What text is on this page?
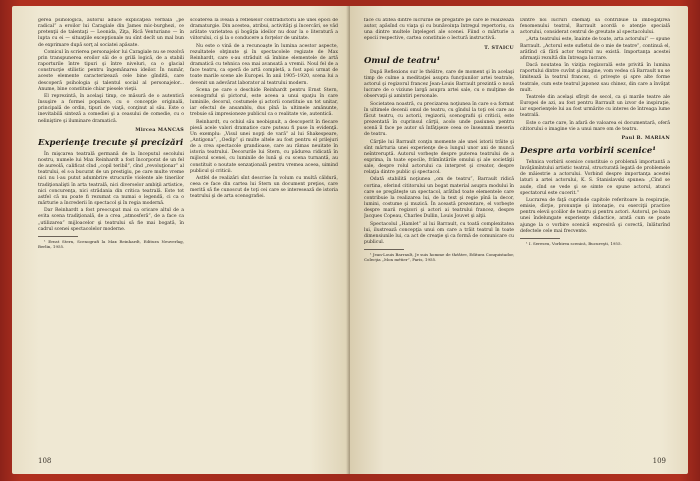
gerea psihologică, autorul aduce explicaţiea verbală „pe radical” a eroilor lui Caragiale din James mic-burghezi, ce pretenţii de talentaţi — Leonida, Ziţa, Rică Venturiano — în lupta cu ei — situaţiile excepţionale nu sînt decît un mal bun de exprimare după sorţ al sociatei apăsate.

Comicul în scrierea personajelor lui Caragiale nu se rezolvă prin transpunerea eroilor săi de o grilă logică, de a stabili raporturile între tipuri şi între niveluri, ca o glacial construcţie stilistic pentru îngemănarea ideilor. În număr, aceste elemente caracterizează cele bine gîndită, care descoperă psihologia şi talentul social al personajelor... Anume, bine constituie chiar piesele vieţii.

El reprezintă, în acelaşi timp, ce măsură de o autentică însuşire a formei populare, cu o concepţie originală, principală de ordin, tipuri de viaţă, conţinut al său. Este o inevitabilă sinteză a comediei şi a ceasului de comedie, cu o neliniştire şi iluminare dramatică.

Mircea MANCAS
Experienţe trecute şi precizări

În mişcarea teatrală germană de la începutul secolului nostru, numele lui Max Reinhardt a fost încorporat de un fel de aureolă, calificat cînd „copil teribil”, cînd „revoluţionar” al teatrului, el s-a bucurat de un prestigiu, pe care multe vreme nici nu l-au putut adumbrire strucurile violente ale tinerilor tradiţionalişti în arta teatrală, nici diverselor ambiţii artistice, nici concurenţa, nici strădania din critica teatrală. Este tot astfel că nu poate fi rezumat ca numai o legendă, ci ca o mărturie a încrederii în spectacol şi în regia modernă.

Dar Reinhardt a fost preocupat mai ca oricare altul de a evita scena tradiţională, de a crea „atmosferă”, de a face ca „utilizarea” mijloacelor şi teatrului să fie mai bogată, în cadrul scenei spectacolelor moderne.

¹ Ernst Stern, Scenografi la Max Reinhardt, Editura Neuverlag, Berlin, 1955.

scoaterea la iveală a reflexelor contradictorii ale unei epoci de dramaturgie. Din acestea, atribui, activităţi şi încercări, se văd arătate varietatea şi bogăţia ideilor nu doar la o literatură a viitorului, ci şi la o conducere a forţelor de unitate.

Nu este o vină de a recunoaşte în lumina acestor aspecte, rezultatele obţinute şi în spectacolele regizate de Max Reinhardt, care s-au străduit să îmbine elementele de artă dramatică cu tehnica cea mai avansată a vremii. Noul fel de a face teatru, ca operă de artă completă, a fost apoi urmat de toate marile scene ale Europei. În anii 1905–1920, scena lui a devenit un adevărat laborator al teatrului modern.

Scena pe care o deschide Reinhardt pentru Ernst Stern, scenograful și pictorul, este aceea a unui spaţiu în care luminile, decorul, costumele şi actorii constituie un tot unitar, iar efectul de ansamblu, dus pînă la ultimele amănunte, trebuie să impresioneze publicul ca o realitate vie, autentică.

Reinhardt, cu ochiul său neobişnuit, a descoperit în fiecare piesă acele valori dramatice care puteau fi puse în evidenţă. Un exemplu: „Visul unei nopţi de vară” al lui Shakespeare, „Antigona”, „Oedip” şi multe altele au fost pentru el prilejuri de a crea spectacole grandioase, care au rămas neuitate în istoria teatrului. Decorurile lui Stern, cu pădurea ridicată în mijlocul scenei, cu luminile de lună şi cu scena turnantă, au constituit o noutate senzaţională pentru vremea aceea, uimind publicul şi criticii.

Astfel de realizări sînt descrise în volum cu multă căldură, ceea ce face din cartea lui Stern un document preţios, care merită să fie cunoscut de toţi cei care se interesează de istoria teatrului şi de arta scenografiei.

108

face cu atîtea dintre lucrurile de pregătire pe care le realizează autor, apăsînd cu viaţa şi cu bunăvoinţa întregul repertoriu, ca una dintre multele înţelegeri ale scenei. Fiind o mărturie a epocii respective, cartea constituie o lectură instructivă.

T. STAICU
Omul de teatru¹

După Reflexions sur le théâtre, care de moment şi în acelaşi timp de culme a meditaţiei asupra funcţiunilor artei teatrale, actorul şi regizorul francez Jean-Louis Barrault prezintă o nouă lucrare de o viziune largă asupra artei sale, cu o mulţime de observaţii şi amintiri personale.

Societatea noastră, cu precizarea noţiunea în care s-a format în ultimele decenii omul de teatru, cu gîndul la toţi cei care au făcut teatru, cu actorii, regizorii, scenografii şi criticii, este prezentată în cuprinsul cărţii, acolo unde pasiunea pentru scenă îl face pe autor să înfăţişeze ceea ce înseamnă meseria de teatru.

Cărţile lui Barrault conţin momente ale unei istorii trăite şi sînt mărturia unei experienţe de-a lungul unor ani de muncă neîntreruptă. Autorul vorbeşte despre puterea teatrului de a exprima, în toate epocile, frămîntările omului şi ale societăţii sale, despre rolul actorului ca interpret şi creator, despre relaţia dintre public şi spectacol.

Odată stabilită noţiunea „om de teatru”, Barrault ridică cortina, oferind cititorului un bogat material asupra modului în care se pregăteşte un spectacol, arătînd toate elementele care contribuie la realizarea lui, de la text şi regie pînă la decor, lumini, costume şi muzică. În această prezentare, el vorbeşte despre marii regizori şi actori ai teatrului francez, despre Jacques Copeau, Charles Dullin, Louis Jouvet şi alţii.

Spectacolul „Hamlet” al lui Barrault, cu toată complexitatea lui, ilustrează concepţia unui om care a trăit teatrul în toate dimensiunile lui, ca act de creaţie şi ca formă de comunicare cu publicul.

¹ Jean-Louis Barrault, Je suis homme de théâtre, Editura Conquistador, Colecţia „Mon métier”, Paris, 1955.

Dintre noi lucruri chemaţi să contribuie la îmbogăţirea fenomenului teatral, Barrault acordă o atenţie specială actorului, considerat centrul de greutate al spectacolului.

„Arta teatrului este, înainte de toate, arta actorului” — spune Barrault. „Actorul este sufletul de o mie de teatre”, continuă el, arătînd că fără actor teatrul nu există. Importanţa acestei afirmaţii rezultă din întreaga lucrare.

Dacă noutatea în viziţia regizorală este privită în lumina raportului dintre cuvînt şi imagine, vom vedea că Barrault nu se limitează la teatrul francez, ci priveşte şi spre alte forme teatrale, cum este teatrul japonez sau chinez, din care a învăţat mult.

Teatrele din acelaşi sfîrşit de secol, ca şi marile teatre ale Europei de azi, au fost pentru Barrault un izvor de inspiraţie, iar experienţele lui au fost urmărite cu interes de întreaga lume teatrală.

Este o carte care, în afară de valoarea ei documentară, oferă cititorului o imagine vie a unui mare om de teatru.

Paul B. MARIAN
Despre arta vorbirii scenice¹

Tehnica vorbirii scenice constituie o problemă importantă a învăţămîntului artistic teatral, structurată legată de problemele de măiestrie a actorului. Vorbind despre importanţa acestei laturi a artei actorului, K. S. Stanislavski spunea: „Cînd se aude, cînd se vede şi se simte ce spune actorul, atunci spectatorul este cucerit.”

Lucrarea de faţă cuprinde capitole referitoare la respiraţie, emisie, dicţie, pronunţie şi intonaţie, cu exerciţii practice pentru elevii şcolilor de teatru şi pentru actori. Autorul, pe baza unei îndelungate experienţe didactice, arată cum se poate ajunge la o vorbire scenică expresivă şi corectă, înlăturînd defectele cele mai frecvente.

¹ I. Sereseu, Vorbirea scenică, Bucureşti, 1955.

109
